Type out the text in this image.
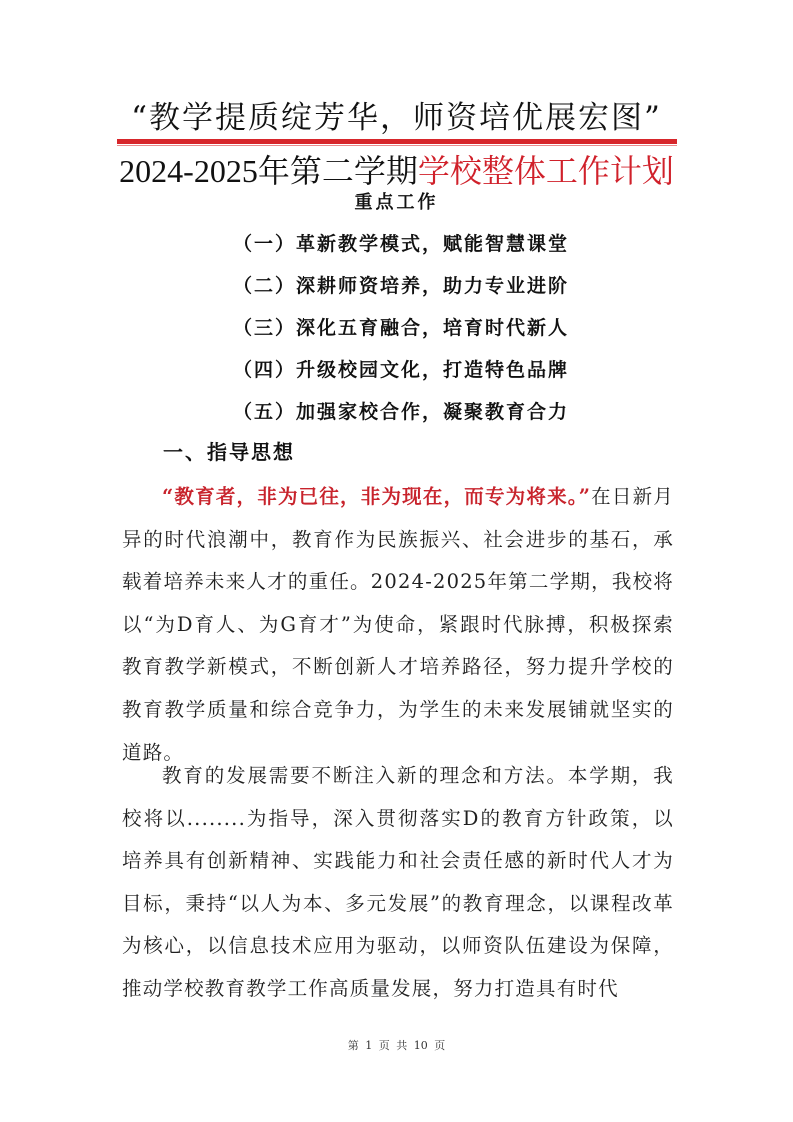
“教学提质绽芳华，师资培优展宏图”
2024-2025年第二学期学校整体工作计划
重点工作
（一）革新教学模式，赋能智慧课堂
（二）深耕师资培养，助力专业进阶
（三）深化五育融合，培育时代新人
（四）升级校园文化，打造特色品牌
（五）加强家校合作，凝聚教育合力
一、指导思想

“教育者，非为已往，非为现在，而专为将来。”在日新月异的时代浪潮中，教育作为民族振兴、社会进步的基石，承载着培养未来人才的重任。2024-2025年第二学期，我校将以“为D育人、为G育才”为使命，紧跟时代脉搏，积极探索教育教学新模式，不断创新人才培养路径，努力提升学校的教育教学质量和综合竞争力，为学生的未来发展铺就坚实的道路。

教育的发展需要不断注入新的理念和方法。本学期，我校将以........为指导，深入贯彻落实D的教育方针政策，以培养具有创新精神、实践能力和社会责任感的新时代人才为目标，秉持“以人为本、多元发展”的教育理念，以课程改革为核心，以信息技术应用为驱动，以师资队伍建设为保障，推动学校教育教学工作高质量发展，努力打造具有时代

第 1 页 共 10 页
